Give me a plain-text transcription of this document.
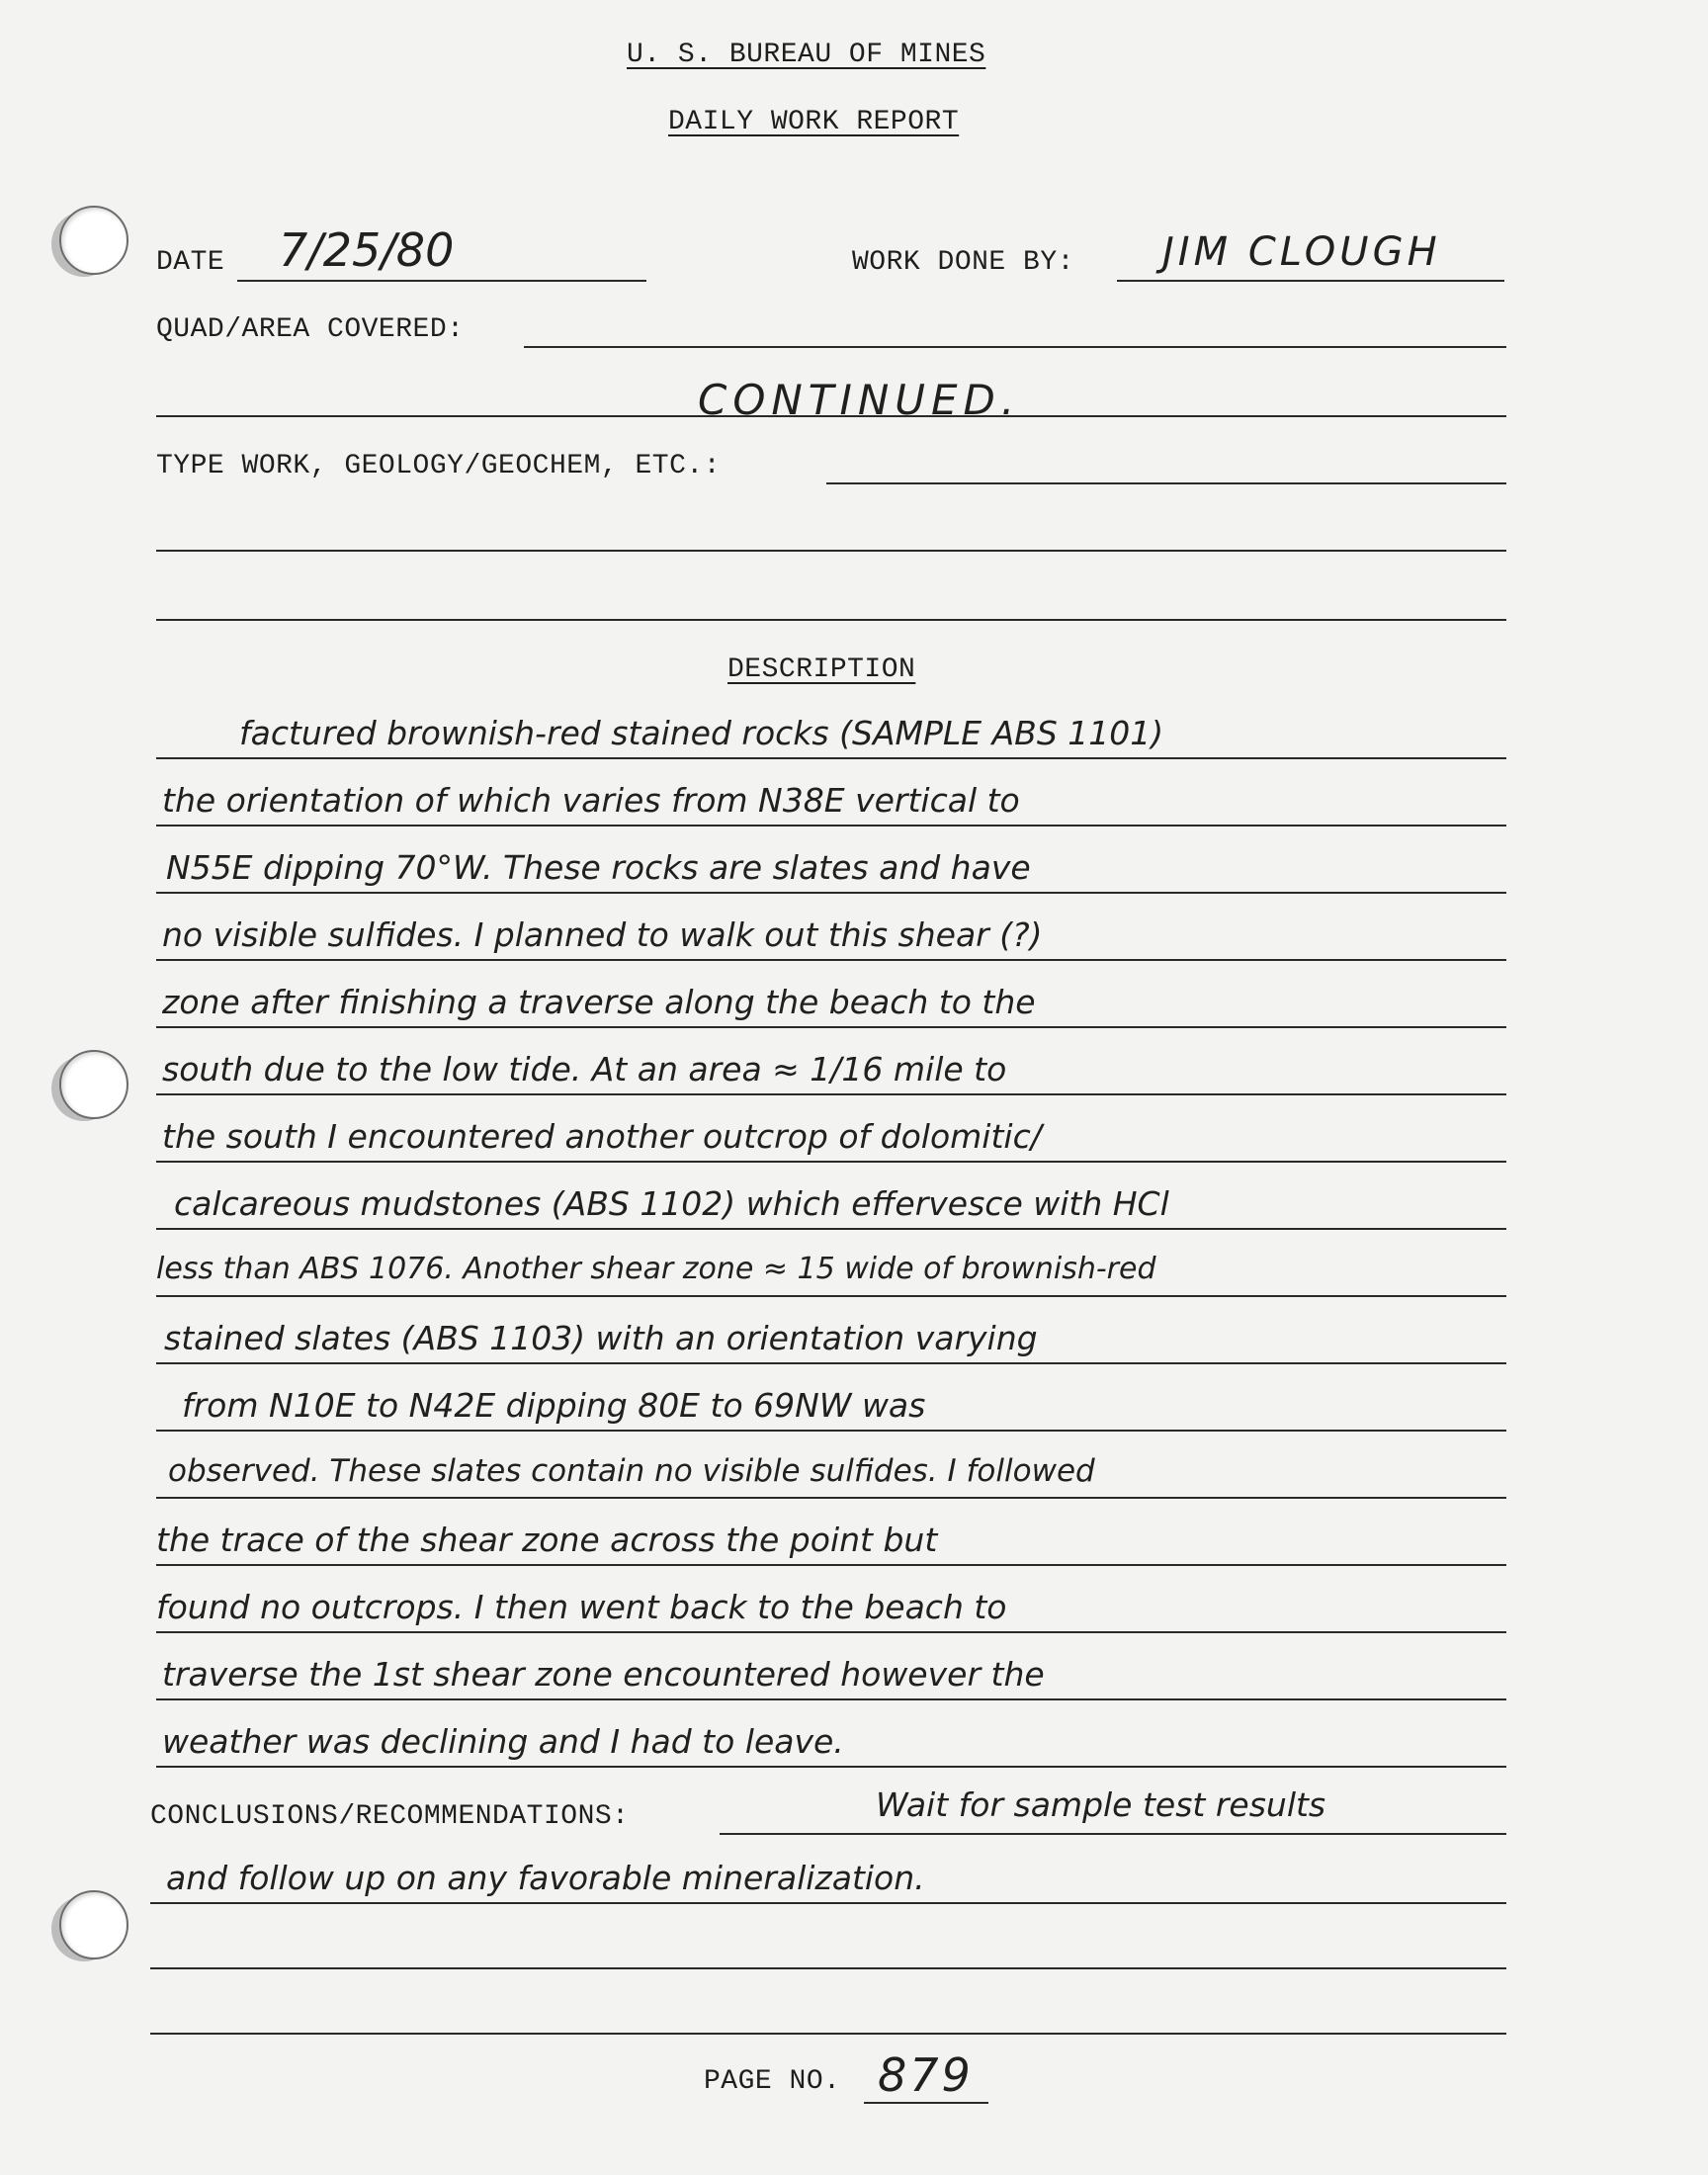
U. S. BUREAU OF MINES
DAILY WORK REPORT
DATE 7/25/80	WORK DONE BY: JIM CLOUGH
QUAD/AREA COVERED:
CONTINUED.
TYPE WORK, GEOLOGY/GEOCHEM, ETC.:
DESCRIPTION
factured brownish-red stained rocks (SAMPLE ABS 1101)
the orientation of which varies from N38E vertical to
N55E dipping 70°W. These rocks are slates and have
no visible sulfides. I planned to walk out this shear (?)
zone after finishing a traverse along the beach to the
south due to the low tide. At an area ≈ 1/16 mile to
the south I encountered another outcrop of dolomitic/
calcareous mudstones (ABS 1102) which effervesce with HCl
less than ABS 1076. Another shear zone ≈ 15 wide of brownish-red
stained slates (ABS 1103) with an orientation varying
from N10E to N42E dipping 80E to 69NW was
observed. These slates contain no visible sulfides. I followed
the trace of the shear zone across the point but
found no outcrops. I then went back to the beach to
traverse the 1st shear zone encountered however the
weather was declining and I had to leave.
CONCLUSIONS/RECOMMENDATIONS:	Wait for sample test results
and follow up on any favorable mineralization.
PAGE NO. 879
